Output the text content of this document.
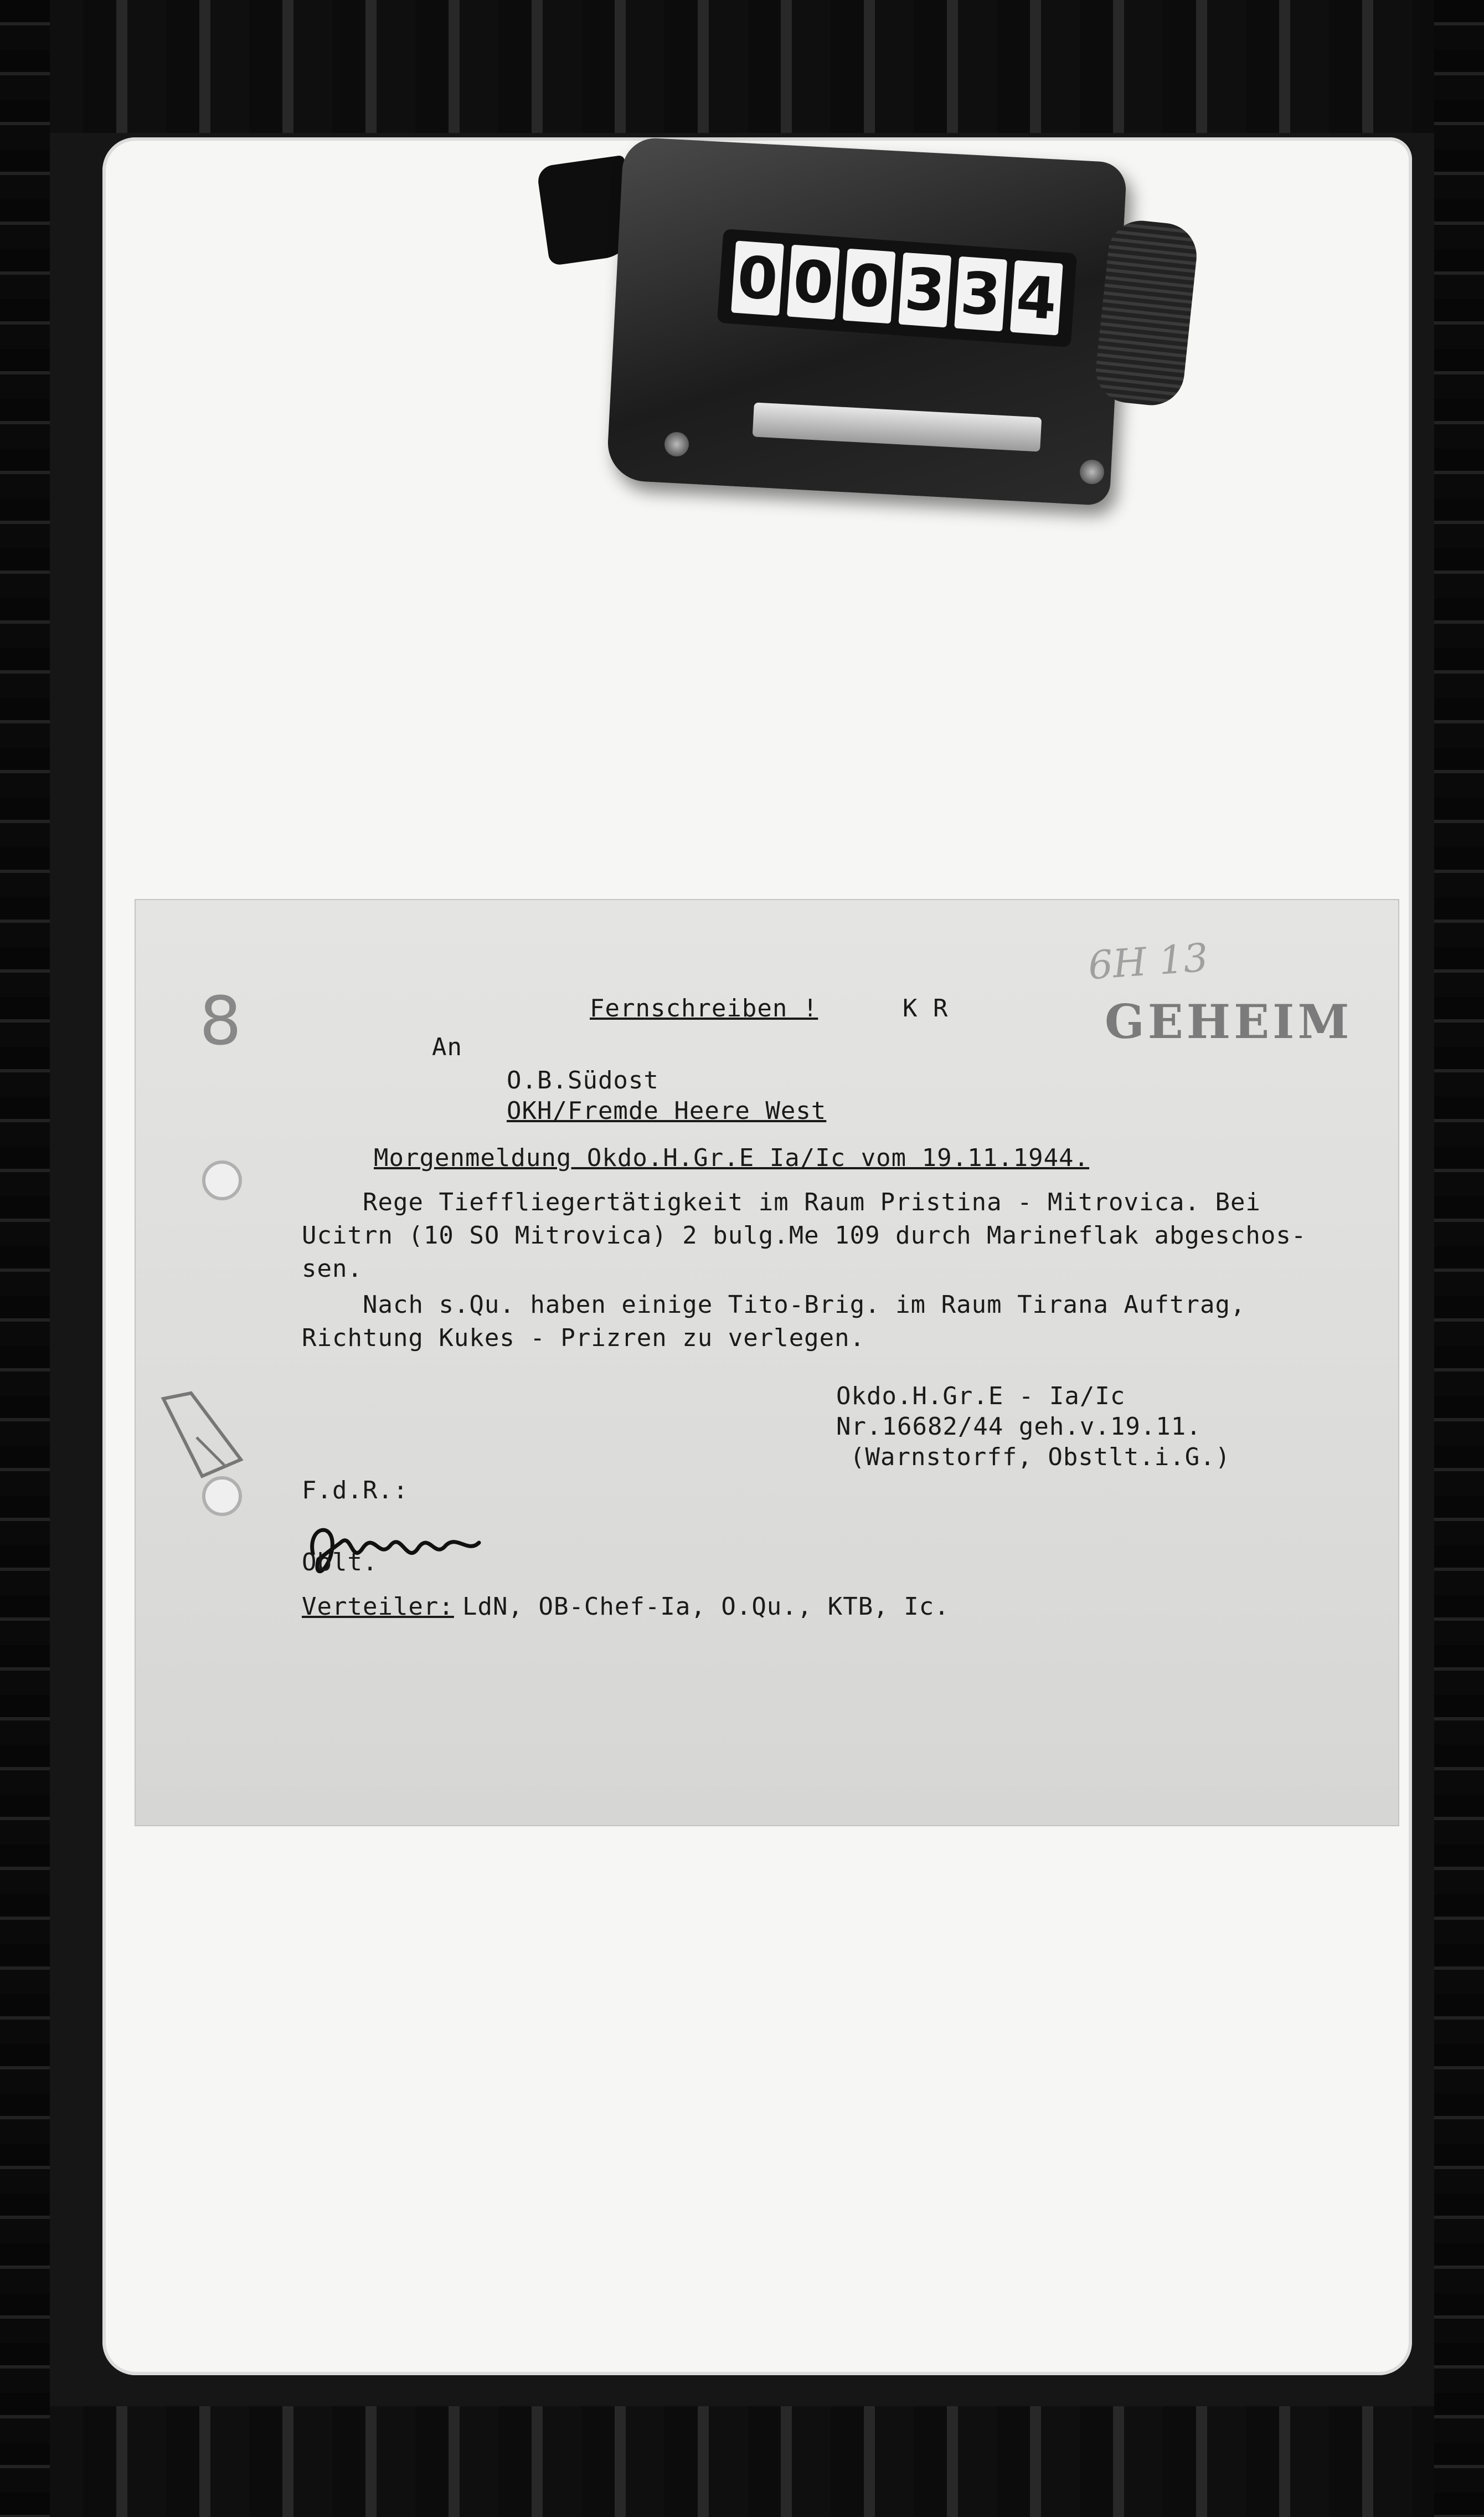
0 0 0 3 3 4
8
6H 13
GEHEIM
Fernschreiben !	K R
An
O.B.Südost
OKH/Fremde Heere West
Morgenmeldung Okdo.H.Gr.E Ia/Ic vom 19.11.1944.
Rege Tieffliegertätigkeit im Raum Pristina - Mitrovica. Bei
Ucitrn (10 SO Mitrovica) 2 bulg.Me 109 durch Marineflak abgeschos-
sen.
Nach s.Qu. haben einige Tito-Brig. im Raum Tirana Auftrag,
Richtung Kukes - Prizren zu verlegen.
Okdo.H.Gr.E - Ia/Ic
Nr.16682/44 geh.v.19.11.
(Warnstorff, Obstlt.i.G.)
F.d.R.:
Oblt.
Verteiler: LdN, OB-Chef-Ia, O.Qu., KTB, Ic.
